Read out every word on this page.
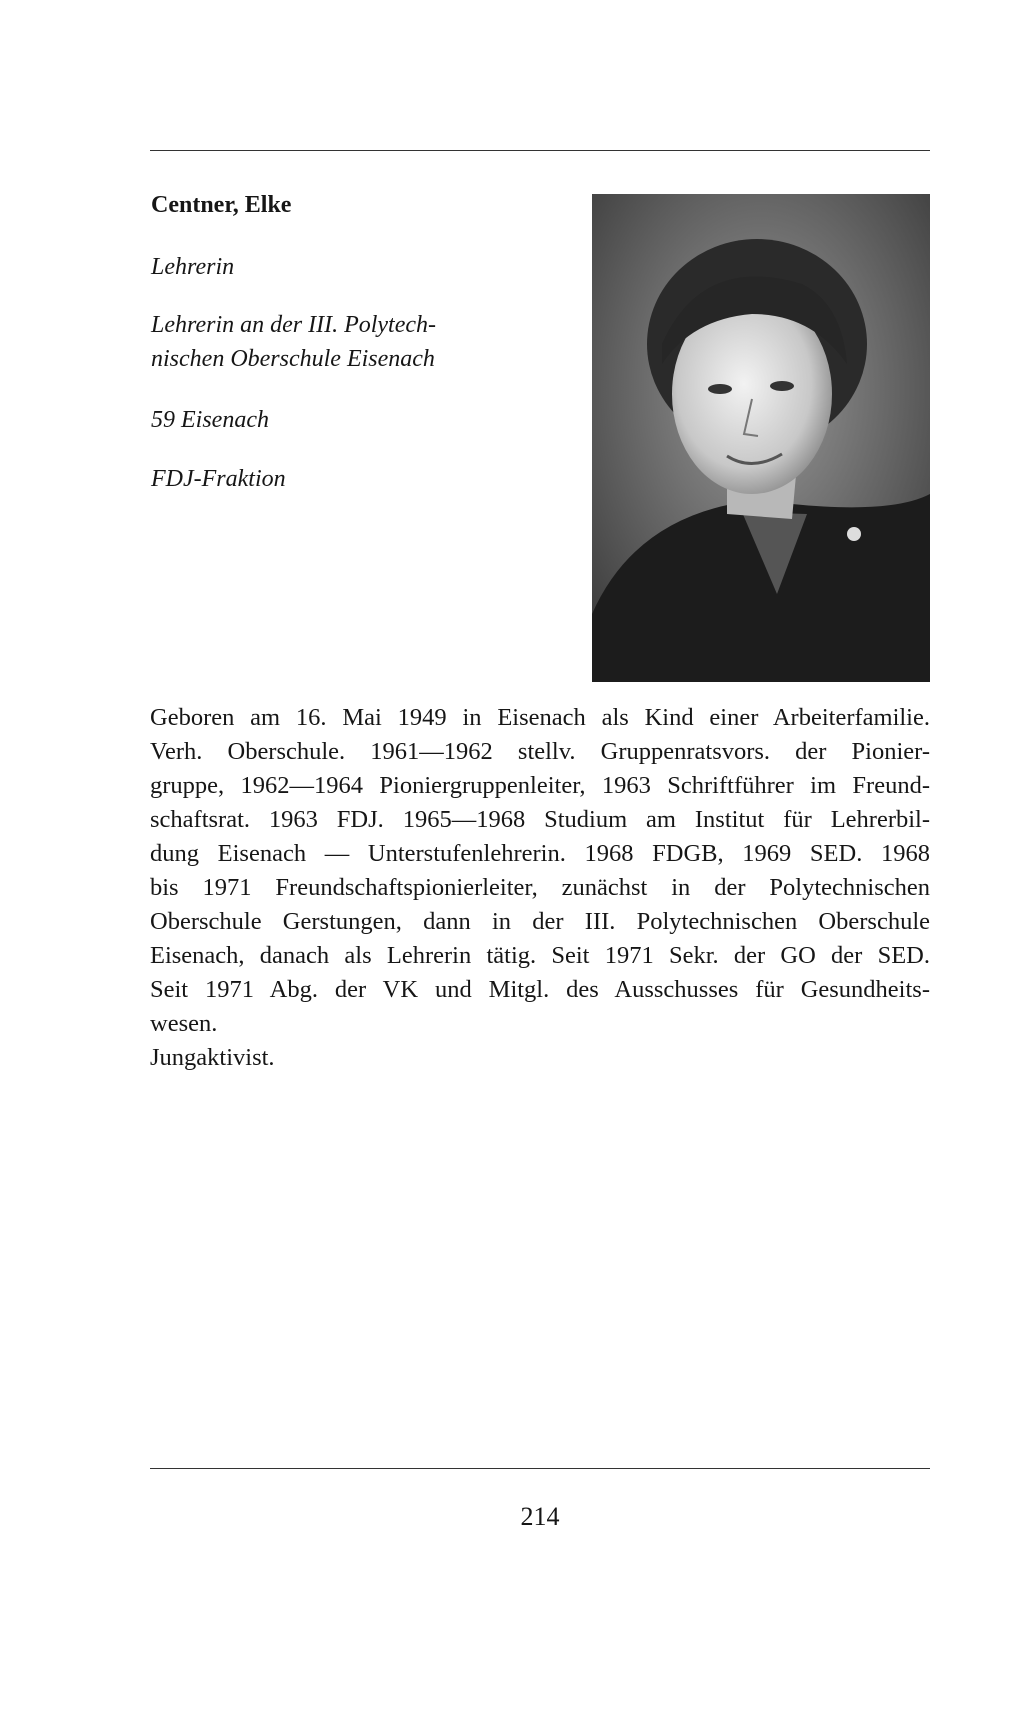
Centner, Elke

Lehrerin

Lehrerin an der III. Polytech-
nischen Oberschule Eisenach

59 Eisenach

FDJ-Fraktion

Geboren am 16. Mai 1949 in Eisenach als Kind einer Arbeiterfamilie.
Verh. Oberschule. 1961—1962 stellv. Gruppenratsvors. der Pionier-
gruppe, 1962—1964 Pioniergruppenleiter, 1963 Schriftführer im Freund-
schaftsrat. 1963 FDJ. 1965—1968 Studium am Institut für Lehrerbil-
dung Eisenach — Unterstufenlehrerin. 1968 FDGB, 1969 SED. 1968
bis 1971 Freundschaftspionierleiter, zunächst in der Polytechnischen
Oberschule Gerstungen, dann in der III. Polytechnischen Oberschule
Eisenach, danach als Lehrerin tätig. Seit 1971 Sekr. der GO der SED.
Seit 1971 Abg. der VK und Mitgl. des Ausschusses für Gesundheits-
wesen.
Jungaktivist.

214
